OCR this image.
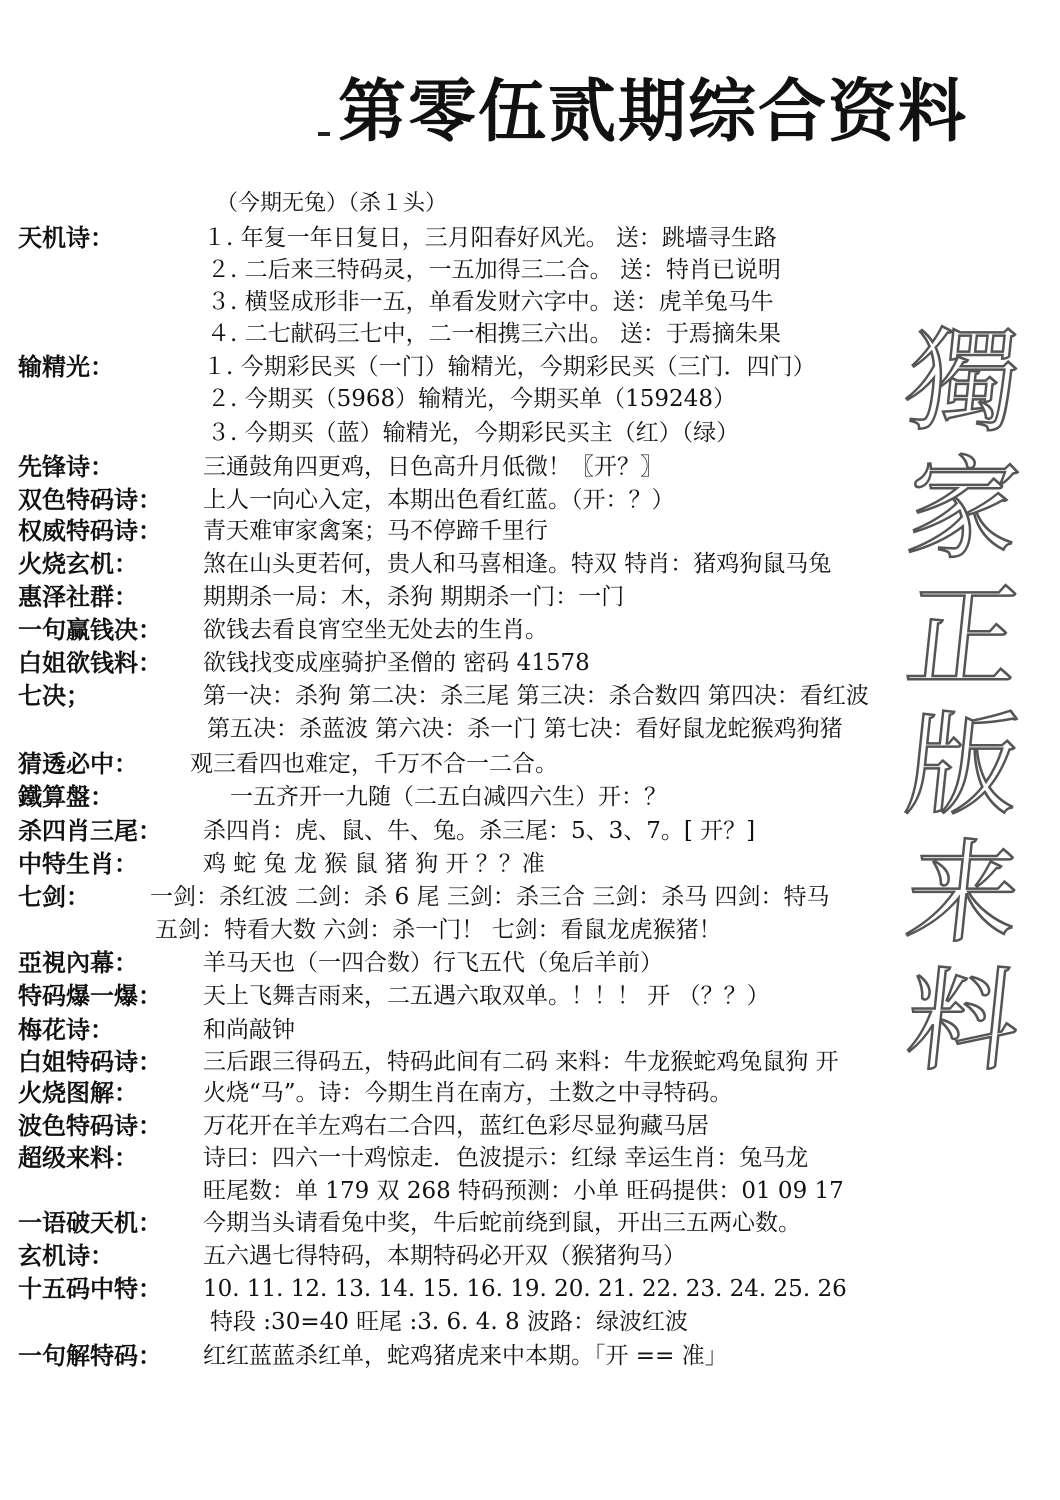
第零伍贰期综合资料
（今期无兔）（杀１头）
天机诗：	１. 年复一年日复日，三月阳春好风光。 送：跳墙寻生路
２. 二后来三特码灵，一五加得三二合。 送：特肖已说明
３. 横竖成形非一五，单看发财六字中。送：虎羊兔马牛
４. 二七献码三七中，二一相携三六出。 送：于焉摘朱果
输精光：	１. 今期彩民买（一门）输精光，今期彩民买（三门．四门）
２. 今期买（5968）输精光，今期买单（159248）
３. 今期买（蓝）输精光，今期彩民买主（红）（绿）
先锋诗：	三通鼓角四更鸡，日色高升月低微！〖开？〗
双色特码诗： 上人一向心入定，本期出色看红蓝。（开：？）
权威特码诗： 青天难审家禽案；马不停蹄千里行
火烧玄机：	煞在山头更若何，贵人和马喜相逢。特双 特肖：猪鸡狗鼠马兔
惠泽社群：	期期杀一局：木，杀狗 期期杀一门：一门
一句赢钱决： 欲钱去看良宵空坐无处去的生肖。
白姐欲钱料： 欲钱找变成座骑护圣僧的 密码 41578
七决；	第一决：杀狗 第二决：杀三尾 第三决：杀合数四 第四决：看红波
第五决：杀蓝波 第六决：杀一门 第七决：看好鼠龙蛇猴鸡狗猪
猜透必中： 观三看四也难定，千万不合一二合。
鐵算盤：	一五齐开一九随（二五白减四六生）开：？
杀四肖三尾： 杀四肖：虎、鼠、牛、兔。杀三尾：5、3、7。[ 开？]
中特生肖：	鸡 蛇 兔 龙 猴 鼠 猪 狗 开 ？？准
七剑：	一剑：杀红波 二剑：杀 6 尾 三剑：杀三合 三剑：杀马 四剑：特马
五剑：特看大数 六剑：杀一门！ 七剑：看鼠龙虎猴猪！
亞視內幕：	羊马天也（一四合数）行飞五代（兔后羊前）
特码爆一爆： 天上飞舞吉雨来，二五遇六取双单。！！！ 开 （？？）
梅花诗：	和尚敲钟
白姐特码诗： 三后跟三得码五，特码此间有二码 来料：牛龙猴蛇鸡兔鼠狗 开
火烧图解：	火烧“马”。诗：今期生肖在南方，土数之中寻特码。
波色特码诗： 万花开在羊左鸡右二合四，蓝红色彩尽显狗藏马居
超级来料：	诗曰：四六一十鸡惊走．色波提示：红绿 幸运生肖：兔马龙
旺尾数：单 179 双 268 特码预测：小单 旺码提供：01 09 17
一语破天机： 今期当头请看兔中奖，牛后蛇前绕到鼠，开出三五两心数。
玄机诗：	五六遇七得特码，本期特码必开双（猴猪狗马）
十五码中特： 10. 11. 12. 13. 14. 15. 16. 19. 20. 21. 22. 23. 24. 25. 26
特段 :30=40 旺尾 :3. 6. 4. 8 波路：绿波红波
一句解特码： 红红蓝蓝杀红单，蛇鸡猪虎来中本期。「开 == 准」
獨
家
正
版
来
料
